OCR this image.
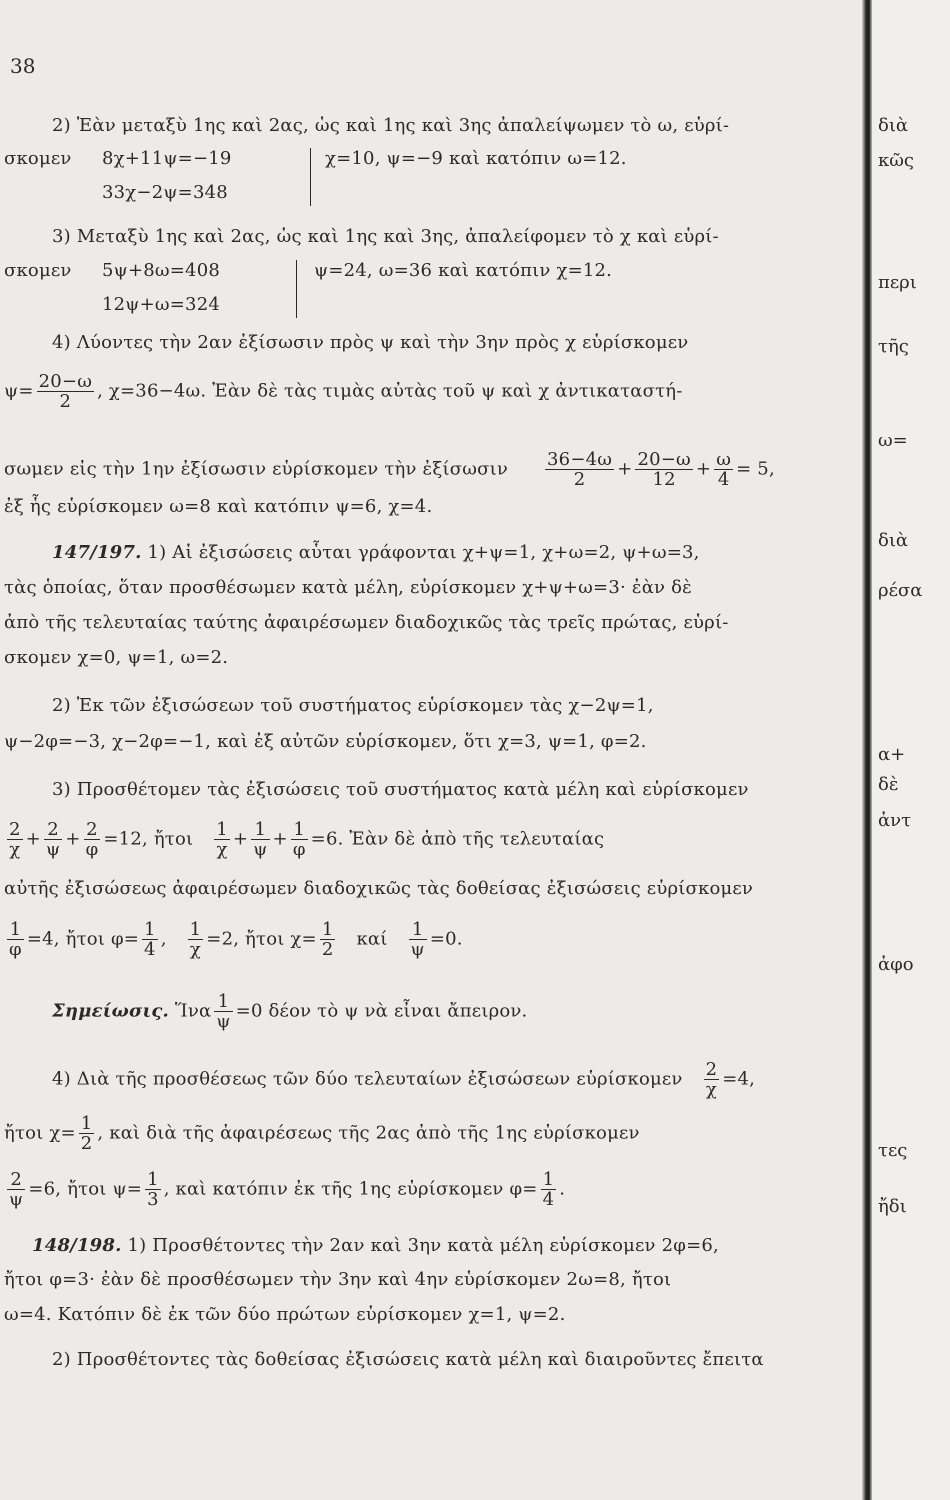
38
2) Ἐὰν μεταξὺ 1ης καὶ 2ας, ὡς καὶ 1ης καὶ 3ης ἀπαλείψωμεν τὸ ω, εὑρί-
σκομεν 8χ+11ψ=−19	χ=10, ψ=−9 καὶ κατόπιν ω=12.
33χ−2ψ=348
3) Μεταξὺ 1ης καὶ 2ας, ὡς καὶ 1ης καὶ 3ης, ἀπαλείφομεν τὸ χ καὶ εὑρί-
σκομεν 5ψ+8ω=408	ψ=24, ω=36 καὶ κατόπιν χ=12.
12ψ+ω=324
4) Λύοντες τὴν 2αν ἐξίσωσιν πρὸς ψ καὶ τὴν 3ην πρὸς χ εὑρίσκομεν
$\psi= \frac{20-\omega}{2}$ , χ=36−4ω. Ἐὰν δὲ τὰς τιμὰς αὐτὰς τοῦ ψ καὶ χ ἀντικαταστή-
σωμεν εἰς τὴν 1ην ἐξίσωσιν εὑρίσκομεν τὴν ἐξίσωσιν $\frac{36-4\omega}{2} + \frac{20-\omega}{12} + \frac{\omega}{4} = 5$,
ἐξ ἧς εὑρίσκομεν ω=8 καὶ κατόπιν ψ=6, χ=4.
147/197. 1) Αἱ ἐξισώσεις αὗται γράφονται χ+ψ=1, χ+ω=2, ψ+ω=3,
τὰς ὁποίας, ὅταν προσθέσωμεν κατὰ μέλη, εὑρίσκομεν χ+ψ+ω=3· ἐὰν δὲ
ἀπὸ τῆς τελευταίας ταύτης ἀφαιρέσωμεν διαδοχικῶς τὰς τρεῖς πρώτας, εὑρί-
σκομεν χ=0, ψ=1, ω=2.
2) Ἐκ τῶν ἐξισώσεων τοῦ συστήματος εὑρίσκομεν τὰς χ−2ψ=1,
ψ−2φ=−3, χ−2φ=−1, καὶ ἐξ αὐτῶν εὑρίσκομεν, ὅτι χ=3, ψ=1, φ=2.
3) Προσθέτομεν τὰς ἐξισώσεις τοῦ συστήματος κατὰ μέλη καὶ εὑρίσκομεν
$\frac{2}{\chi} + \frac{2}{\psi} + \frac{2}{\varphi} =12$, ἤτοι $\frac{1}{\chi} + \frac{1}{\psi} + \frac{1}{\varphi} =6$. Ἐὰν δὲ ἀπὸ τῆς τελευταίας
αὐτῆς ἐξισώσεως ἀφαιρέσωμεν διαδοχικῶς τὰς δοθείσας ἐξισώσεις εὑρίσκομεν
$\frac{1}{\varphi} =4$, ἤτοι $\varphi= \frac{1}{4}$ , $\frac{1}{\chi} =2$, ἤτοι $\chi= \frac{1}{2}$ καί $\frac{1}{\psi} =0$.
Σημείωσις. Ἵνα $\frac{1}{\psi} =0$ δέον τὸ ψ νὰ εἶναι ἄπειρον.
4) Διὰ τῆς προσθέσεως τῶν δύο τελευταίων ἐξισώσεων εὑρίσκομεν $\frac{2}{\chi} =4$,
ἤτοι $\chi= \frac{1}{2}$ , καὶ διὰ τῆς ἀφαιρέσεως τῆς 2ας ἀπὸ τῆς 1ης εὑρίσκομεν
$\frac{2}{\psi} =6$, ἤτοι $\psi= \frac{1}{3}$ , καὶ κατόπιν ἐκ τῆς 1ης εὑρίσκομεν $\varphi= \frac{1}{4}$ .
148/198. 1) Προσθέτοντες τὴν 2αν καὶ 3ην κατὰ μέλη εὑρίσκομεν 2φ=6,
ἤτοι φ=3· ἐὰν δὲ προσθέσωμεν τὴν 3ην καὶ 4ην εὑρίσκομεν 2ω=8, ἤτοι
ω=4. Κατόπιν δὲ ἐκ τῶν δύο πρώτων εὑρίσκομεν χ=1, ψ=2.
2) Προσθέτοντες τὰς δοθείσας ἐξισώσεις κατὰ μέλη καὶ διαιροῦντες ἔπειτα
διὰ
κῶς
περι
τῆς
ω=
διὰ
ρέσα
α+
δὲ
ἀντ
ἀφο
τες
ἤδι
